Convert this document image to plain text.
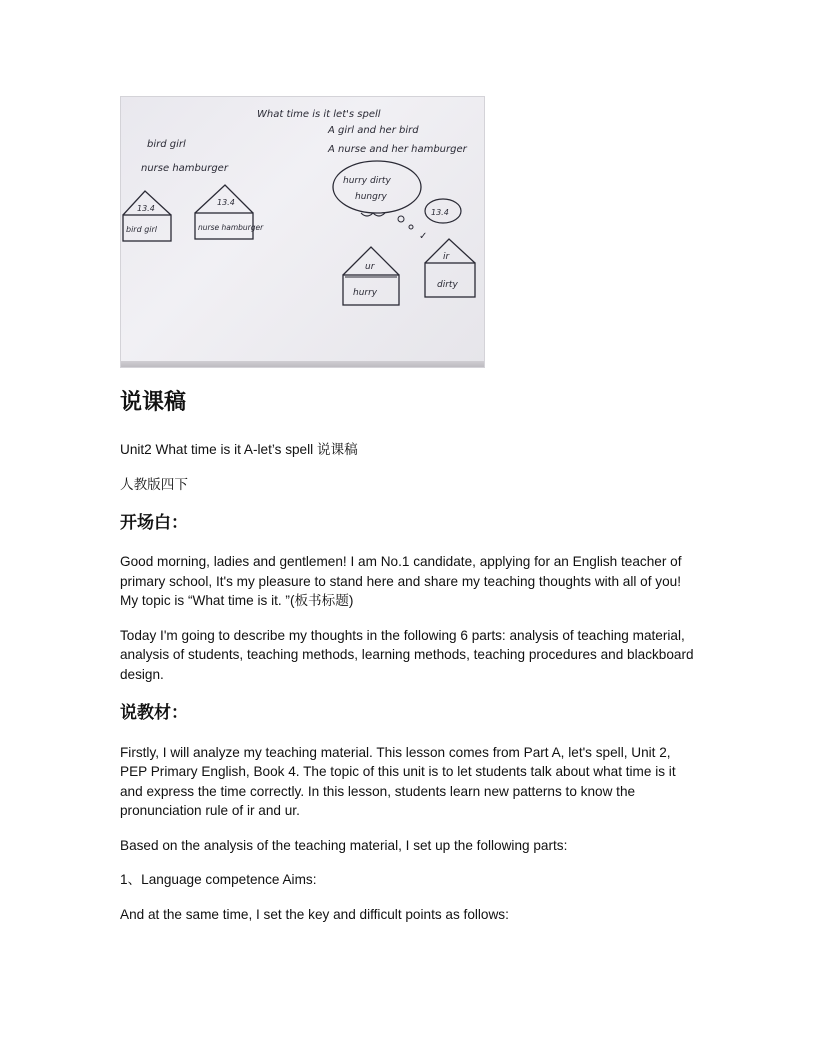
What time is it let's spell
A girl and her bird
A nurse and her hamburger
bird girl
nurse hamburger
13.4
bird girl
13.4
nurse hamburger
hurry dirty
hungry
13.4
✓
ur
hurry
ir
dirty
说课稿

Unit2 What time is it A-let’s spell 说课稿

人教版四下

开场白：

Good morning, ladies and gentlemen! I am No.1 candidate, applying for an English teacher of primary school, It's my pleasure to stand here and share my teaching thoughts with all of you! My topic is “What time is it. ”(板书标题)

Today I'm going to describe my thoughts in the following 6 parts: analysis of teaching material, analysis of students, teaching methods, learning methods, teaching procedures and blackboard design.

说教材：

Firstly, I will analyze my teaching material. This lesson comes from Part A, let's spell, Unit 2, PEP Primary English, Book 4. The topic of this unit is to let students talk about what time is it and express the time correctly. In this lesson, students learn new patterns to know the pronunciation rule of ir and ur.

Based on the analysis of the teaching material, I set up the following parts:

1、Language competence Aims:

And at the same time, I set the key and difficult points as follows:
